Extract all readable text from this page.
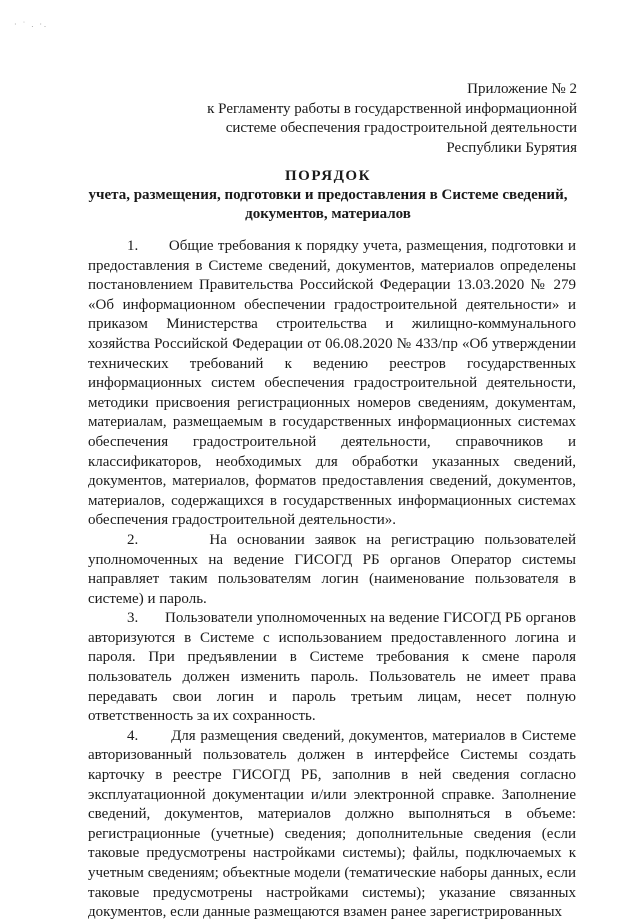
· ˙ . ·.
Приложение № 2
к Регламенту работы в государственной информационной
системе обеспечения градостроительной деятельности
Республики Бурятия
ПОРЯДОК
учета, размещения, подготовки и предоставления в Системе сведений,
документов, материалов

1. Общие требования к порядку учета, размещения, подготовки и предоставления в Системе сведений, документов, материалов определены постановлением Правительства Российской Федерации 13.03.2020 № 279 «Об информационном обеспечении градостроительной деятельности» и приказом Министерства строительства и жилищно-коммунального хозяйства Российской Федерации от 06.08.2020 № 433/пр «Об утверждении технических требований к ведению реестров государственных информационных систем обеспечения градостроительной деятельности, методики присвоения регистрационных номеров сведениям, документам, материалам, размещаемым в государственных информационных системах обеспечения градостроительной деятельности, справочников и классификаторов, необходимых для обработки указанных сведений, документов, материалов, форматов предоставления сведений, документов, материалов, содержащихся в государственных информационных системах обеспечения градостроительной деятельности».

2.	На основании заявок на регистрацию пользователей уполномоченных на ведение ГИСОГД РБ органов Оператор системы направляет таким пользователям логин (наименование пользователя в системе) и пароль.

3. Пользователи уполномоченных на ведение ГИСОГД РБ органов авторизуются в Системе с использованием предоставленного логина и пароля. При предъявлении в Системе требования к смене пароля пользователь должен изменить пароль. Пользователь не имеет права передавать свои логин и пароль третьим лицам, несет полную ответственность за их сохранность.

4. Для размещения сведений, документов, материалов в Системе авторизованный пользователь должен в интерфейсе Системы создать карточку в реестре ГИСОГД РБ, заполнив в ней сведения согласно эксплуатационной документации и/или электронной справке. Заполнение сведений, документов, материалов должно выполняться в объеме: регистрационные (учетные) сведения; дополнительные сведения (если таковые предусмотрены настройками системы); файлы, подключаемых к учетным сведениям; объектные модели (тематические наборы данных, если таковые предусмотрены настройками системы); указание связанных документов, если данные размещаются взамен ранее зарегистрированных
